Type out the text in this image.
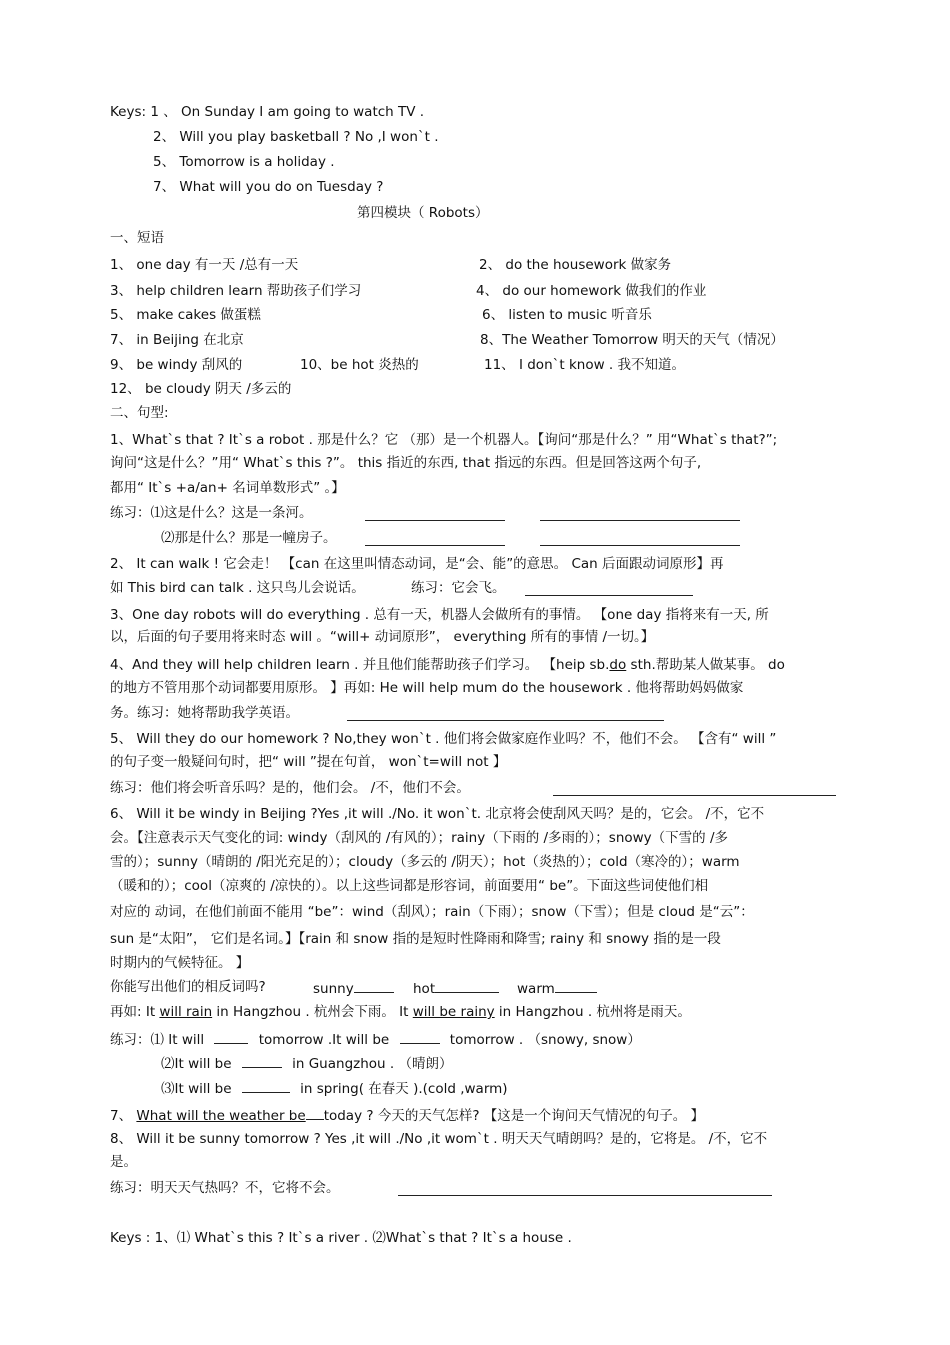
Keys: 1 、 On Sunday I am going to watch TV .
2、 Will you play basketball ? No ,I won`t .
5、 Tomorrow is a holiday .
7、 What will you do on Tuesday ?
第四模块（ Robots）
一、短语
1、 one day 有一天 /总有一天	2、 do the housework 做家务
3、 help children learn 帮助孩子们学习	4、 do our homework 做我们的作业
5、 make cakes 做蛋糕	6、 listen to music 听音乐
7、 in Beijing 在北京	8、The Weather Tomorrow 明天的天气（情况）
9、 be windy 刮风的	10、be hot 炎热的	11、 I don`t know . 我不知道。
12、 be cloudy 阴天 /多云的
二、句型:
1、What`s that ? It`s a robot . 那是什么？它 （那）是一个机器人。【询问“那是什么？” 用“What`s that?”;
询问“这是什么？”用“ What`s this ?”。 this 指近的东西, that 指远的东西。但是回答这两个句子,
都用“ It`s +a/an+ 名词单数形式” 。】
练习：⑴这是什么？这是一条河。
⑵那是什么？那是一幢房子。
2、 It can walk ! 它会走！ 【can 在这里叫情态动词，是“会、能”的意思。 Can 后面跟动词原形】再
如 This bird can talk . 这只鸟儿会说话。	练习：它会飞。
3、One day robots will do everything . 总有一天，机器人会做所有的事情。 【one day 指将来有一天, 所
以，后面的句子要用将来时态 will 。“will+ 动词原形”， everything 所有的事情 /一切。】
4、And they will help children learn . 并且他们能帮助孩子们学习。 【heip sb.do sth.帮助某人做某事。 do
的地方不管用那个动词都要用原形。 】再如: He will help mum do the housework . 他将帮助妈妈做家
务。练习：她将帮助我学英语。
5、 Will they do our homework ? No,they won`t . 他们将会做家庭作业吗？不，他们不会。 【含有“ will ”
的句子变一般疑问句时，把“ will ”提在句首， won`t=will not 】
练习：他们将会听音乐吗？是的，他们会。 /不，他们不会。
6、 Will it be windy in Beijing ?Yes ,it will ./No. it won`t. 北京将会使刮风天吗？是的，它会。 /不，它不
会。【注意表示天气变化的词: windy（刮风的 /有风的）；rainy（下雨的 /多雨的）；snowy（下雪的 /多
雪的）；sunny（晴朗的 /阳光充足的）；cloudy（多云的 /阴天）；hot（炎热的）；cold（寒冷的）；warm
（暖和的）；cool（凉爽的 /凉快的）。以上这些词都是形容词，前面要用“ be”。下面这些词使他们相
对应的 动词，在他们前面不能用 “be”：wind（刮风）；rain（下雨）；snow（下雪）；但是 cloud 是“云”：
sun 是“太阳”， 它们是名词。】【rain 和 snow 指的是短时性降雨和降雪; rainy 和 snowy 指的是一段
时期内的气候特征。 】
你能写出他们的相反词吗?	sunny	hot	warm
再如: It will rain in Hangzhou . 杭州会下雨。 It will be rainy in Hangzhou . 杭州将是雨天。
练习：⑴ It will	tomorrow .It will be	tomorrow . （snowy, snow）
⑵It will be	in Guangzhou . （晴朗）
⑶It will be	in spring( 在春天 ).(cold ,warm)
7、 What will the weather be today ? 今天的天气怎样? 【这是一个询问天气情况的句子。 】
8、 Will it be sunny tomorrow ? Yes ,it will ./No ,it wom`t . 明天天气晴朗吗？是的，它将是。 /不，它不
是。
练习：明天天气热吗？不，它将不会。
Keys : 1、⑴ What`s this ? It`s a river . ⑵What`s that ? It`s a house .
